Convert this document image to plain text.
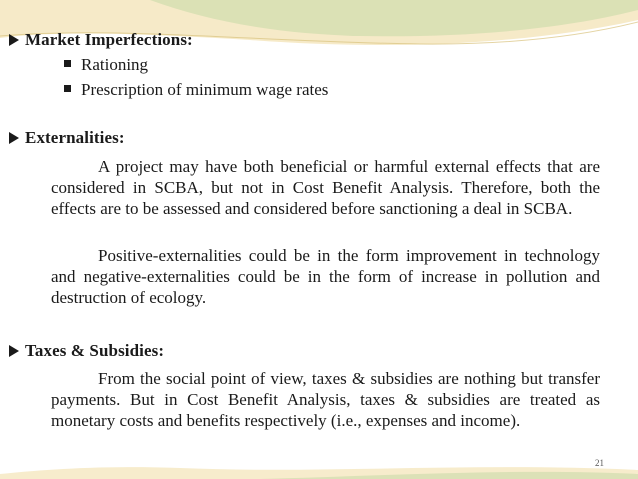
Market Imperfections:
Rationing
Prescription of minimum wage rates
Externalities:
A project may have both beneficial or harmful external effects that are considered in SCBA, but not in Cost Benefit Analysis. Therefore, both the effects are to be assessed and considered before sanctioning a deal in SCBA.
Positive-externalities could be in the form improvement in technology and negative-externalities could be in the form of increase in pollution and destruction of ecology.
Taxes & Subsidies:
From the social point of view, taxes & subsidies are nothing but transfer payments. But in Cost Benefit Analysis, taxes & subsidies are treated as monetary costs and benefits respectively (i.e., expenses and income).
21
